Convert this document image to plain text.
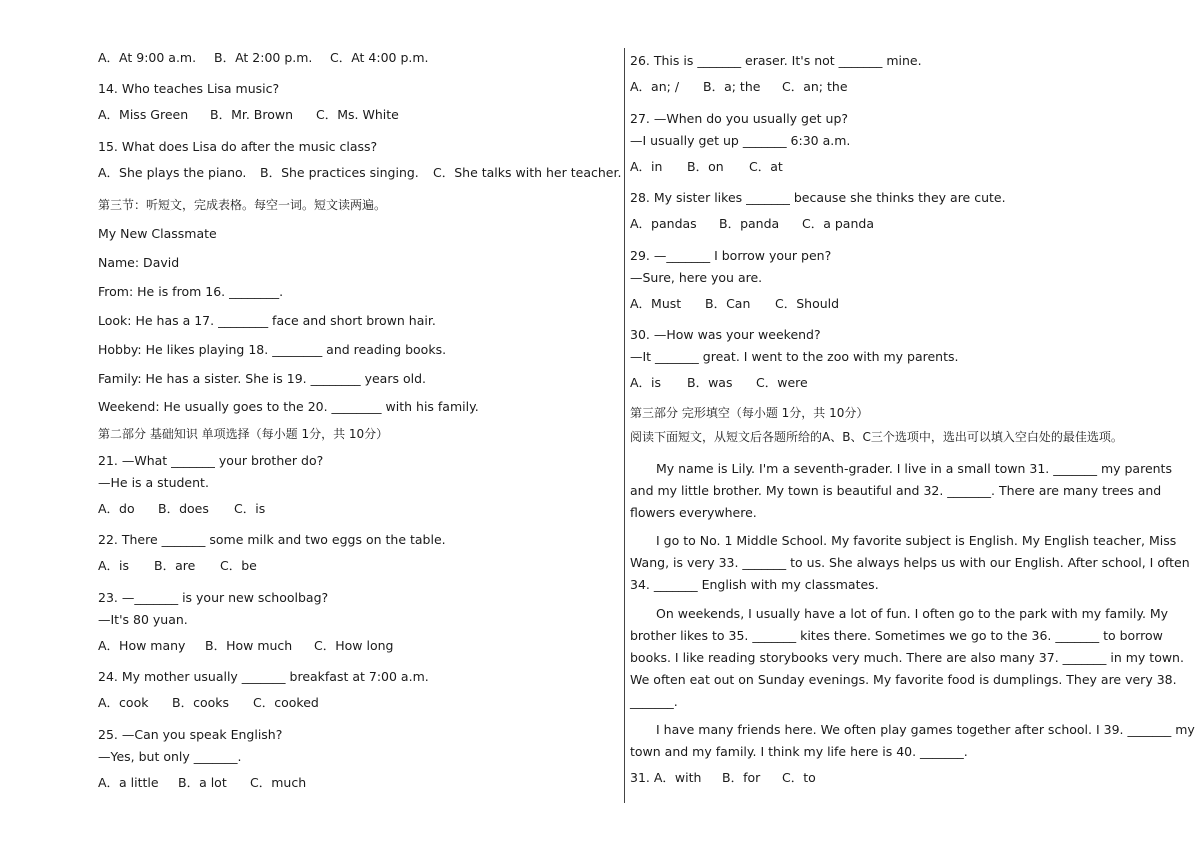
A．At 9:00 a.m. B．At 2:00 p.m. C．At 4:00 p.m.
14. Who teaches Lisa music?
A．Miss Green B．Mr. Brown C．Ms. White
15. What does Lisa do after the music class?
A．She plays the piano. B．She practices singing. C．She talks with her teacher.
第三节：听短文，完成表格。每空一词。短文读两遍。
My New Classmate
Name: David
From: He is from 16. ________.
Look: He has a 17. ________ face and short brown hair.
Hobby: He likes playing 18. ________ and reading books.
Family: He has a sister. She is 19. ________ years old.
Weekend: He usually goes to the 20. ________ with his family.
第二部分 基础知识 单项选择（每小题 1分，共 10分）
21. —What _______ your brother do?
—He is a student.
A．do B．does C．is
22. There _______ some milk and two eggs on the table.
A．is B．are C．be
23. —_______ is your new schoolbag?
—It's 80 yuan.
A．How many B．How much C．How long
24. My mother usually _______ breakfast at 7:00 a.m.
A．cook B．cooks C．cooked
25. —Can you speak English?
—Yes, but only _______.
A．a little B．a lot C．much
26. This is _______ eraser. It's not _______ mine.
A．an; / B．a; the C．an; the
27. —When do you usually get up?
—I usually get up _______ 6:30 a.m.
A．in B．on C．at
28. My sister likes _______ because she thinks they are cute.
A．pandas B．panda C．a panda
29. —_______ I borrow your pen?
—Sure, here you are.
A．Must B．Can C．Should
30. —How was your weekend?
—It _______ great. I went to the zoo with my parents.
A．is B．was C．were
第三部分 完形填空（每小题 1分，共 10分）
阅读下面短文，从短文后各题所给的A、B、C三个选项中，选出可以填入空白处的最佳选项。
My name is Lily. I'm a seventh-grader. I live in a small town 31. _______ my parents
and my little brother. My town is beautiful and 32. _______. There are many trees and
flowers everywhere.
I go to No. 1 Middle School. My favorite subject is English. My English teacher, Miss
Wang, is very 33. _______ to us. She always helps us with our English. After school, I often
34. _______ English with my classmates.
On weekends, I usually have a lot of fun. I often go to the park with my family. My
brother likes to 35. _______ kites there. Sometimes we go to the 36. _______ to borrow
books. I like reading storybooks very much. There are also many 37. _______ in my town.
We often eat out on Sunday evenings. My favorite food is dumplings. They are very 38.
_______.
I have many friends here. We often play games together after school. I 39. _______ my
town and my family. I think my life here is 40. _______.
31. A．with B．for C．to
